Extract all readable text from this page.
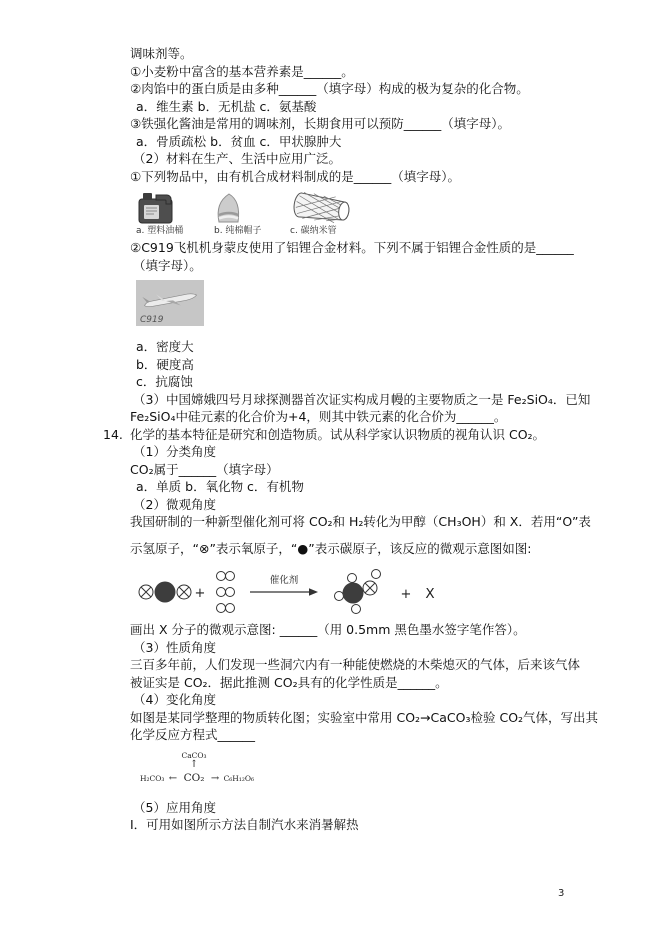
调味剂等。

①小麦粉中富含的基本营养素是______。

②肉馅中的蛋白质是由多种______（填字母）构成的极为复杂的化合物。

a．维生素 b．无机盐 c．氨基酸

③铁强化酱油是常用的调味剂，长期食用可以预防______（填字母）。

a．骨质疏松 b．贫血 c．甲状腺肿大

（2）材料在生产、生活中应用广泛。

①下列物品中，由有机合成材料制成的是______（填字母）。

a. 塑料油桶	b. 纯棉帽子	c. 碳纳米管

②C919飞机机身蒙皮使用了铝锂合金材料。下列不属于铝锂合金性质的是______

（填字母）。

C919

a．密度大

b．硬度高

c．抗腐蚀

（3）中国嫦娥四号月球探测器首次证实构成月幔的主要物质之一是 Fe₂SiO₄．已知

Fe₂SiO₄中硅元素的化合价为+4，则其中铁元素的化合价为______。

14. 化学的基本特征是研究和创造物质。试从科学家认识物质的视角认识 CO₂。

（1）分类角度

CO₂属于______（填字母）

a．单质 b．氧化物 c．有机物

（2）微观角度

我国研制的一种新型催化剂可将 CO₂和 H₂转化为甲醇（CH₃OH）和 X．若用“O”表

示氢原子，“⊗”表示氧原子，“●”表示碳原子，该反应的微观示意图如图:

+
催化剂
+ X

画出 X 分子的微观示意图: ______（用 0.5mm 黑色墨水签字笔作答）。

（3）性质角度

三百多年前，人们发现一些洞穴内有一种能使燃烧的木柴熄灭的气体，后来该气体

被证实是 CO₂．据此推测 CO₂具有的化学性质是______。

（4）变化角度

如图是某同学整理的物质转化图；实验室中常用 CO₂→CaCO₃检验 CO₂气体，写出其

化学反应方程式______

CaCO₃
↑
H₂CO₃ ← CO₂ → C₆H₁₂O₆

（5）应用角度

I．可用如图所示方法自制汽水来消暑解热

3
